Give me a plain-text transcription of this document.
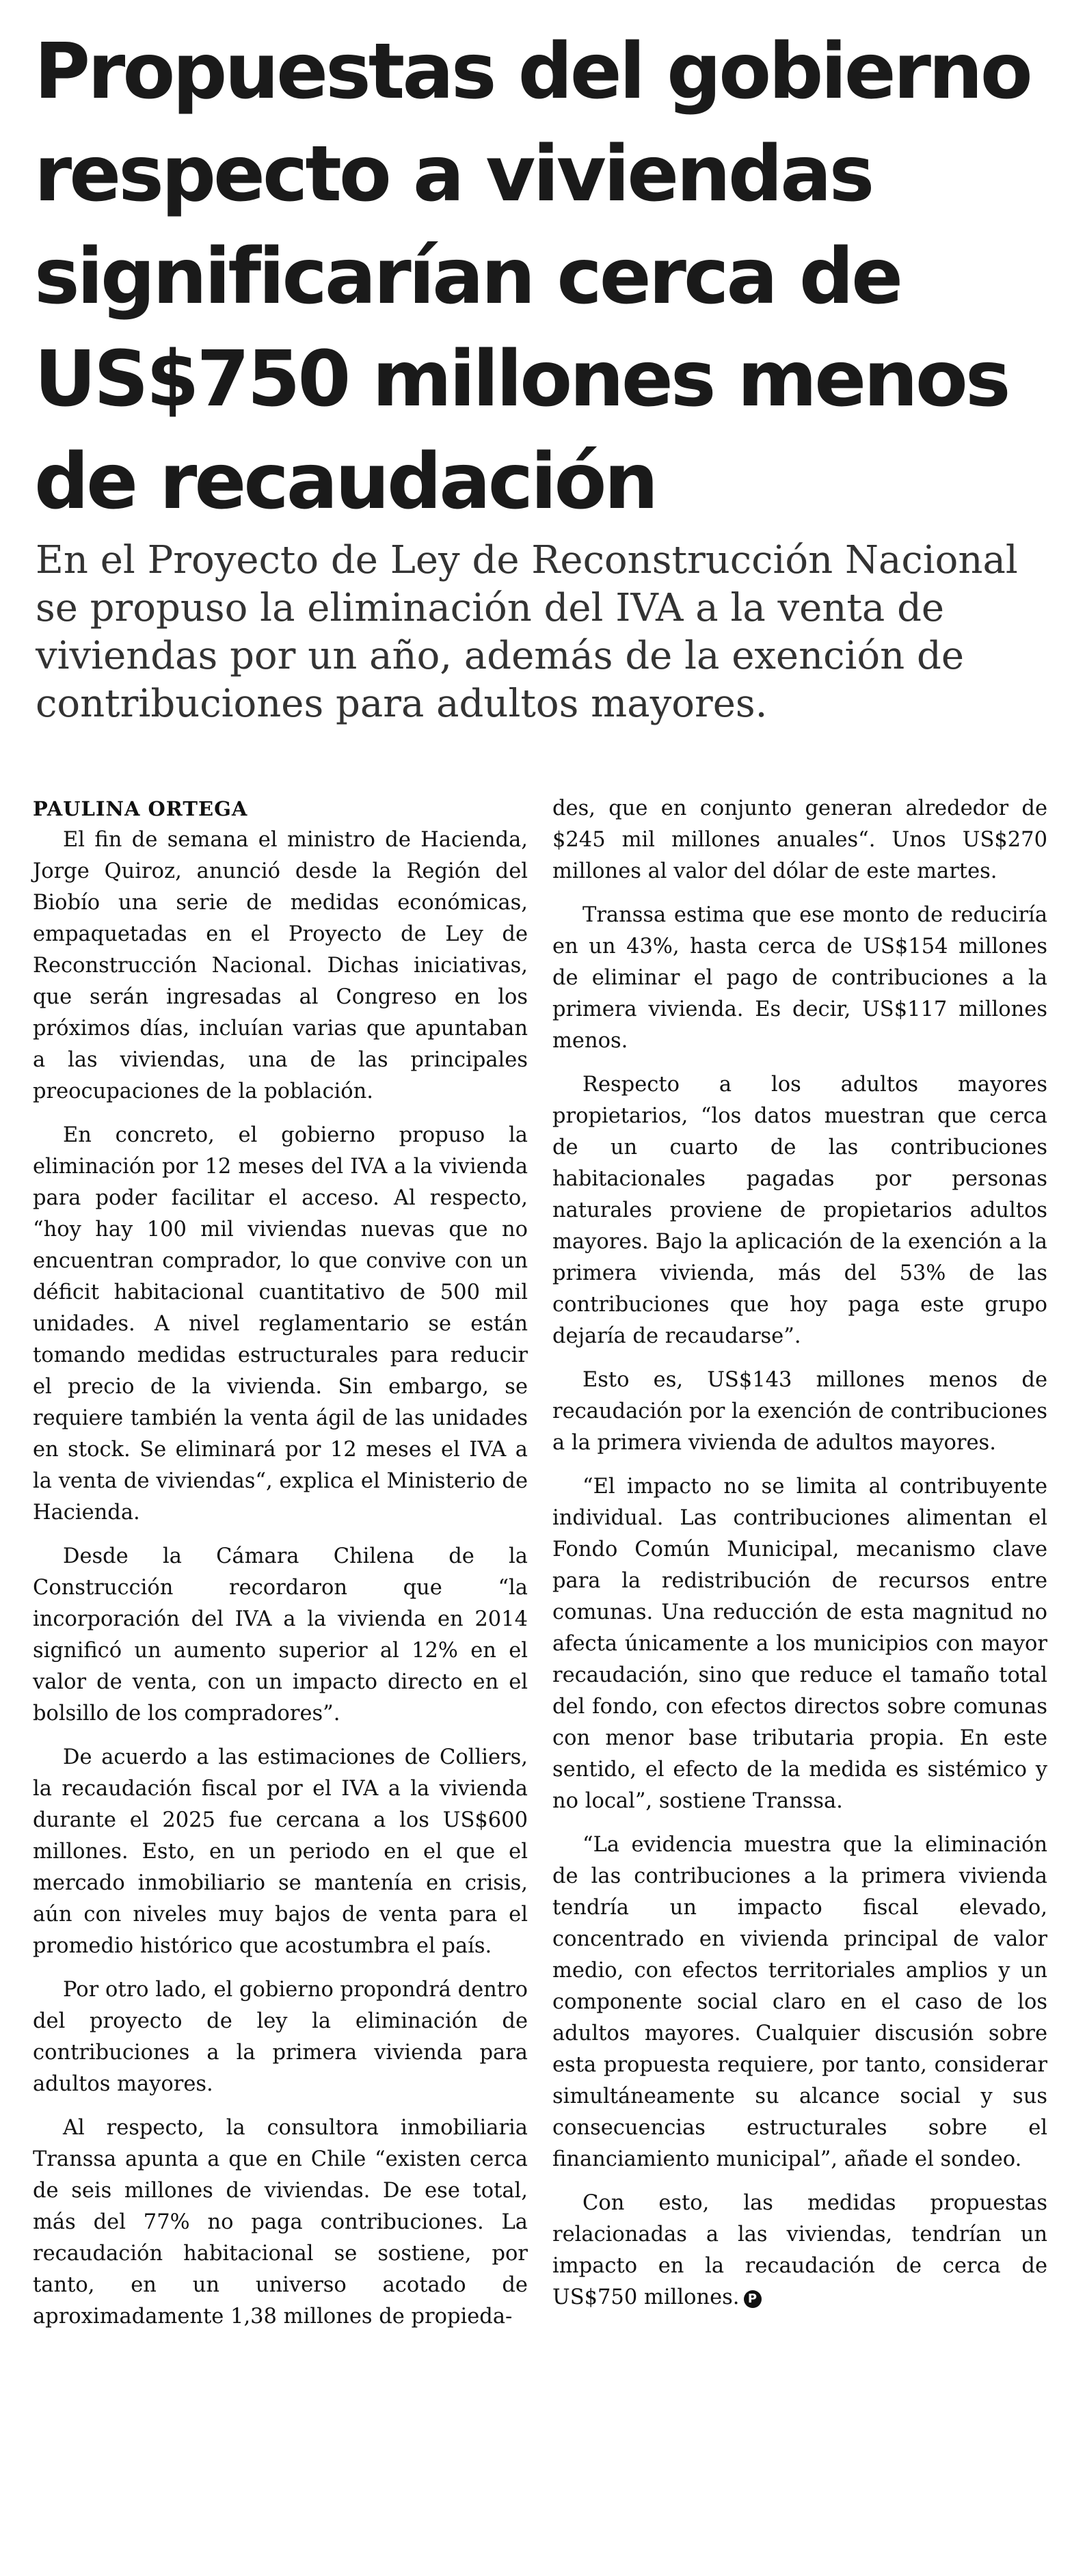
Propuestas del gobierno respecto a viviendas significarían cerca de US$750 millones menos de recaudación
En el Proyecto de Ley de Reconstrucción Nacional se propuso la eliminación del IVA a la venta de viviendas por un año, además de la exención de contribuciones para adultos mayores.
PAULINA ORTEGA

El fin de semana el ministro de Hacienda, Jorge Quiroz, anunció desde la Región del Biobío una serie de medidas económicas, empaquetadas en el Proyecto de Ley de Reconstrucción Nacional. Dichas iniciativas, que serán ingresadas al Congreso en los próximos días, incluían varias que apuntaban a las viviendas, una de las principales preocupaciones de la población.

En concreto, el gobierno propuso la eliminación por 12 meses del IVA a la vivienda para poder facilitar el acceso. Al respecto, “hoy hay 100 mil viviendas nuevas que no encuentran comprador, lo que convive con un déficit habitacional cuantitativo de 500 mil unidades. A nivel reglamentario se están tomando medidas estructurales para reducir el precio de la vivienda. Sin embargo, se requiere también la venta ágil de las unidades en stock. Se eliminará por 12 meses el IVA a la venta de viviendas“, explica el Ministerio de Hacienda.

Desde la Cámara Chilena de la Construcción recordaron que “la incorporación del IVA a la vivienda en 2014 significó un aumento superior al 12% en el valor de venta, con un impacto directo en el bolsillo de los compradores”.

De acuerdo a las estimaciones de Colliers, la recaudación fiscal por el IVA a la vivienda durante el 2025 fue cercana a los US$600 millones. Esto, en un periodo en el que el mercado inmobiliario se mantenía en crisis, aún con niveles muy bajos de venta para el promedio histórico que acostumbra el país.

Por otro lado, el gobierno propondrá dentro del proyecto de ley la eliminación de contribuciones a la primera vivienda para adultos mayores.

Al respecto, la consultora inmobiliaria Transsa apunta a que en Chile “existen cerca de seis millones de viviendas. De ese total, más del 77% no paga contribuciones. La recaudación habitacional se sostiene, por tanto, en un universo acotado de aproximadamente 1,38 millones de propieda-

des, que en conjunto generan alrededor de $245 mil millones anuales“. Unos US$270 millones al valor del dólar de este martes.

Transsa estima que ese monto de reduciría en un 43%, hasta cerca de US$154 millones de eliminar el pago de contribuciones a la primera vivienda. Es decir, US$117 millones menos.

Respecto a los adultos mayores propietarios, “los datos muestran que cerca de un cuarto de las contribuciones habitacionales pagadas por personas naturales proviene de propietarios adultos mayores. Bajo la aplicación de la exención a la primera vivienda, más del 53% de las contribuciones que hoy paga este grupo dejaría de recaudarse”.

Esto es, US$143 millones menos de recaudación por la exención de contribuciones a la primera vivienda de adultos mayores.

“El impacto no se limita al contribuyente individual. Las contribuciones alimentan el Fondo Común Municipal, mecanismo clave para la redistribución de recursos entre comunas. Una reducción de esta magnitud no afecta únicamente a los municipios con mayor recaudación, sino que reduce el tamaño total del fondo, con efectos directos sobre comunas con menor base tributaria propia. En este sentido, el efecto de la medida es sistémico y no local”, sostiene Transsa.

“La evidencia muestra que la eliminación de las contribuciones a la primera vivienda tendría un impacto fiscal elevado, concentrado en vivienda principal de valor medio, con efectos territoriales amplios y un componente social claro en el caso de los adultos mayores. Cualquier discusión sobre esta propuesta requiere, por tanto, considerar simultáneamente su alcance social y sus consecuencias estructurales sobre el financiamiento municipal”, añade el sondeo.

Con esto, las medidas propuestas relacionadas a las viviendas, tendrían un impacto en la recaudación de cerca de US$750 millones. P
